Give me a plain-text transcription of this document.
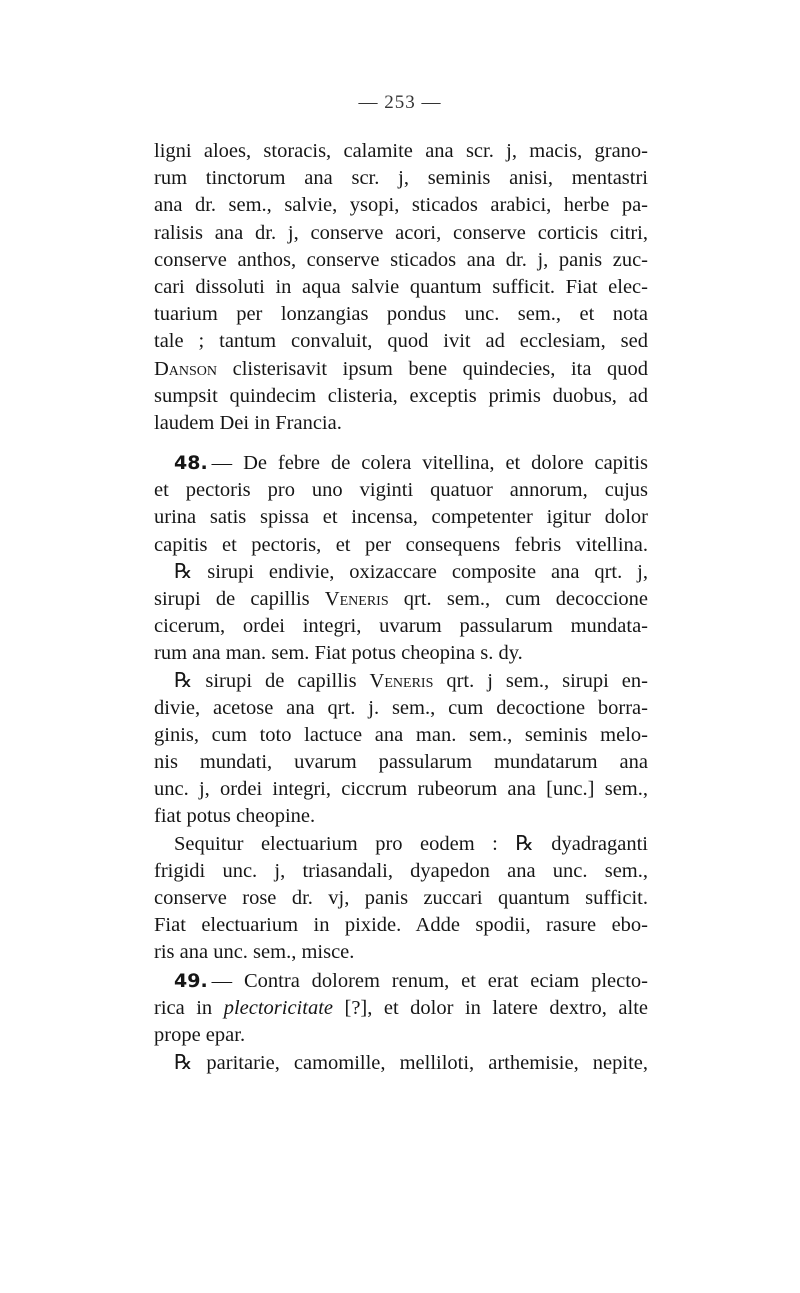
— 253 —
ligni aloes, storacis, calamite ana scr. j, macis, grano-
rum tinctorum ana scr. j, seminis anisi, mentastri
ana dr. sem., salvie, ysopi, sticados arabici, herbe pa-
ralisis ana dr. j, conserve acori, conserve corticis citri,
conserve anthos, conserve sticados ana dr. j, panis zuc-
cari dissoluti in aqua salvie quantum sufficit. Fiat elec-
tuarium per lonzangias pondus unc. sem., et nota
tale ; tantum convaluit, quod ivit ad ecclesiam, sed
Danson clisterisavit ipsum bene quindecies, ita quod
sumpsit quindecim clisteria, exceptis primis duobus, ad
laudem Dei in Francia.
48. — De febre de colera vitellina, et dolore capitis
et pectoris pro uno viginti quatuor annorum, cujus
urina satis spissa et incensa, competenter igitur dolor
capitis et pectoris, et per consequens febris vitellina.
℞ sirupi endivie, oxizaccare composite ana qrt. j,
sirupi de capillis Veneris qrt. sem., cum decoccione
cicerum, ordei integri, uvarum passularum mundata-
rum ana man. sem. Fiat potus cheopina s. dy.
℞ sirupi de capillis Veneris qrt. j sem., sirupi en-
divie, acetose ana qrt. j. sem., cum decoctione borra-
ginis, cum toto lactuce ana man. sem., seminis melo-
nis mundati, uvarum passularum mundatarum ana
unc. j, ordei integri, ciccrum rubeorum ana [unc.] sem.,
fiat potus cheopine.
Sequitur electuarium pro eodem : ℞ dyadraganti
frigidi unc. j, triasandali, dyapedon ana unc. sem.,
conserve rose dr. vj, panis zuccari quantum sufficit.
Fiat electuarium in pixide. Adde spodii, rasure ebo-
ris ana unc. sem., misce.
49. — Contra dolorem renum, et erat eciam plecto-
rica in plectoricitate [?], et dolor in latere dextro, alte
prope epar.
℞ paritarie, camomille, melliloti, arthemisie, nepite,
